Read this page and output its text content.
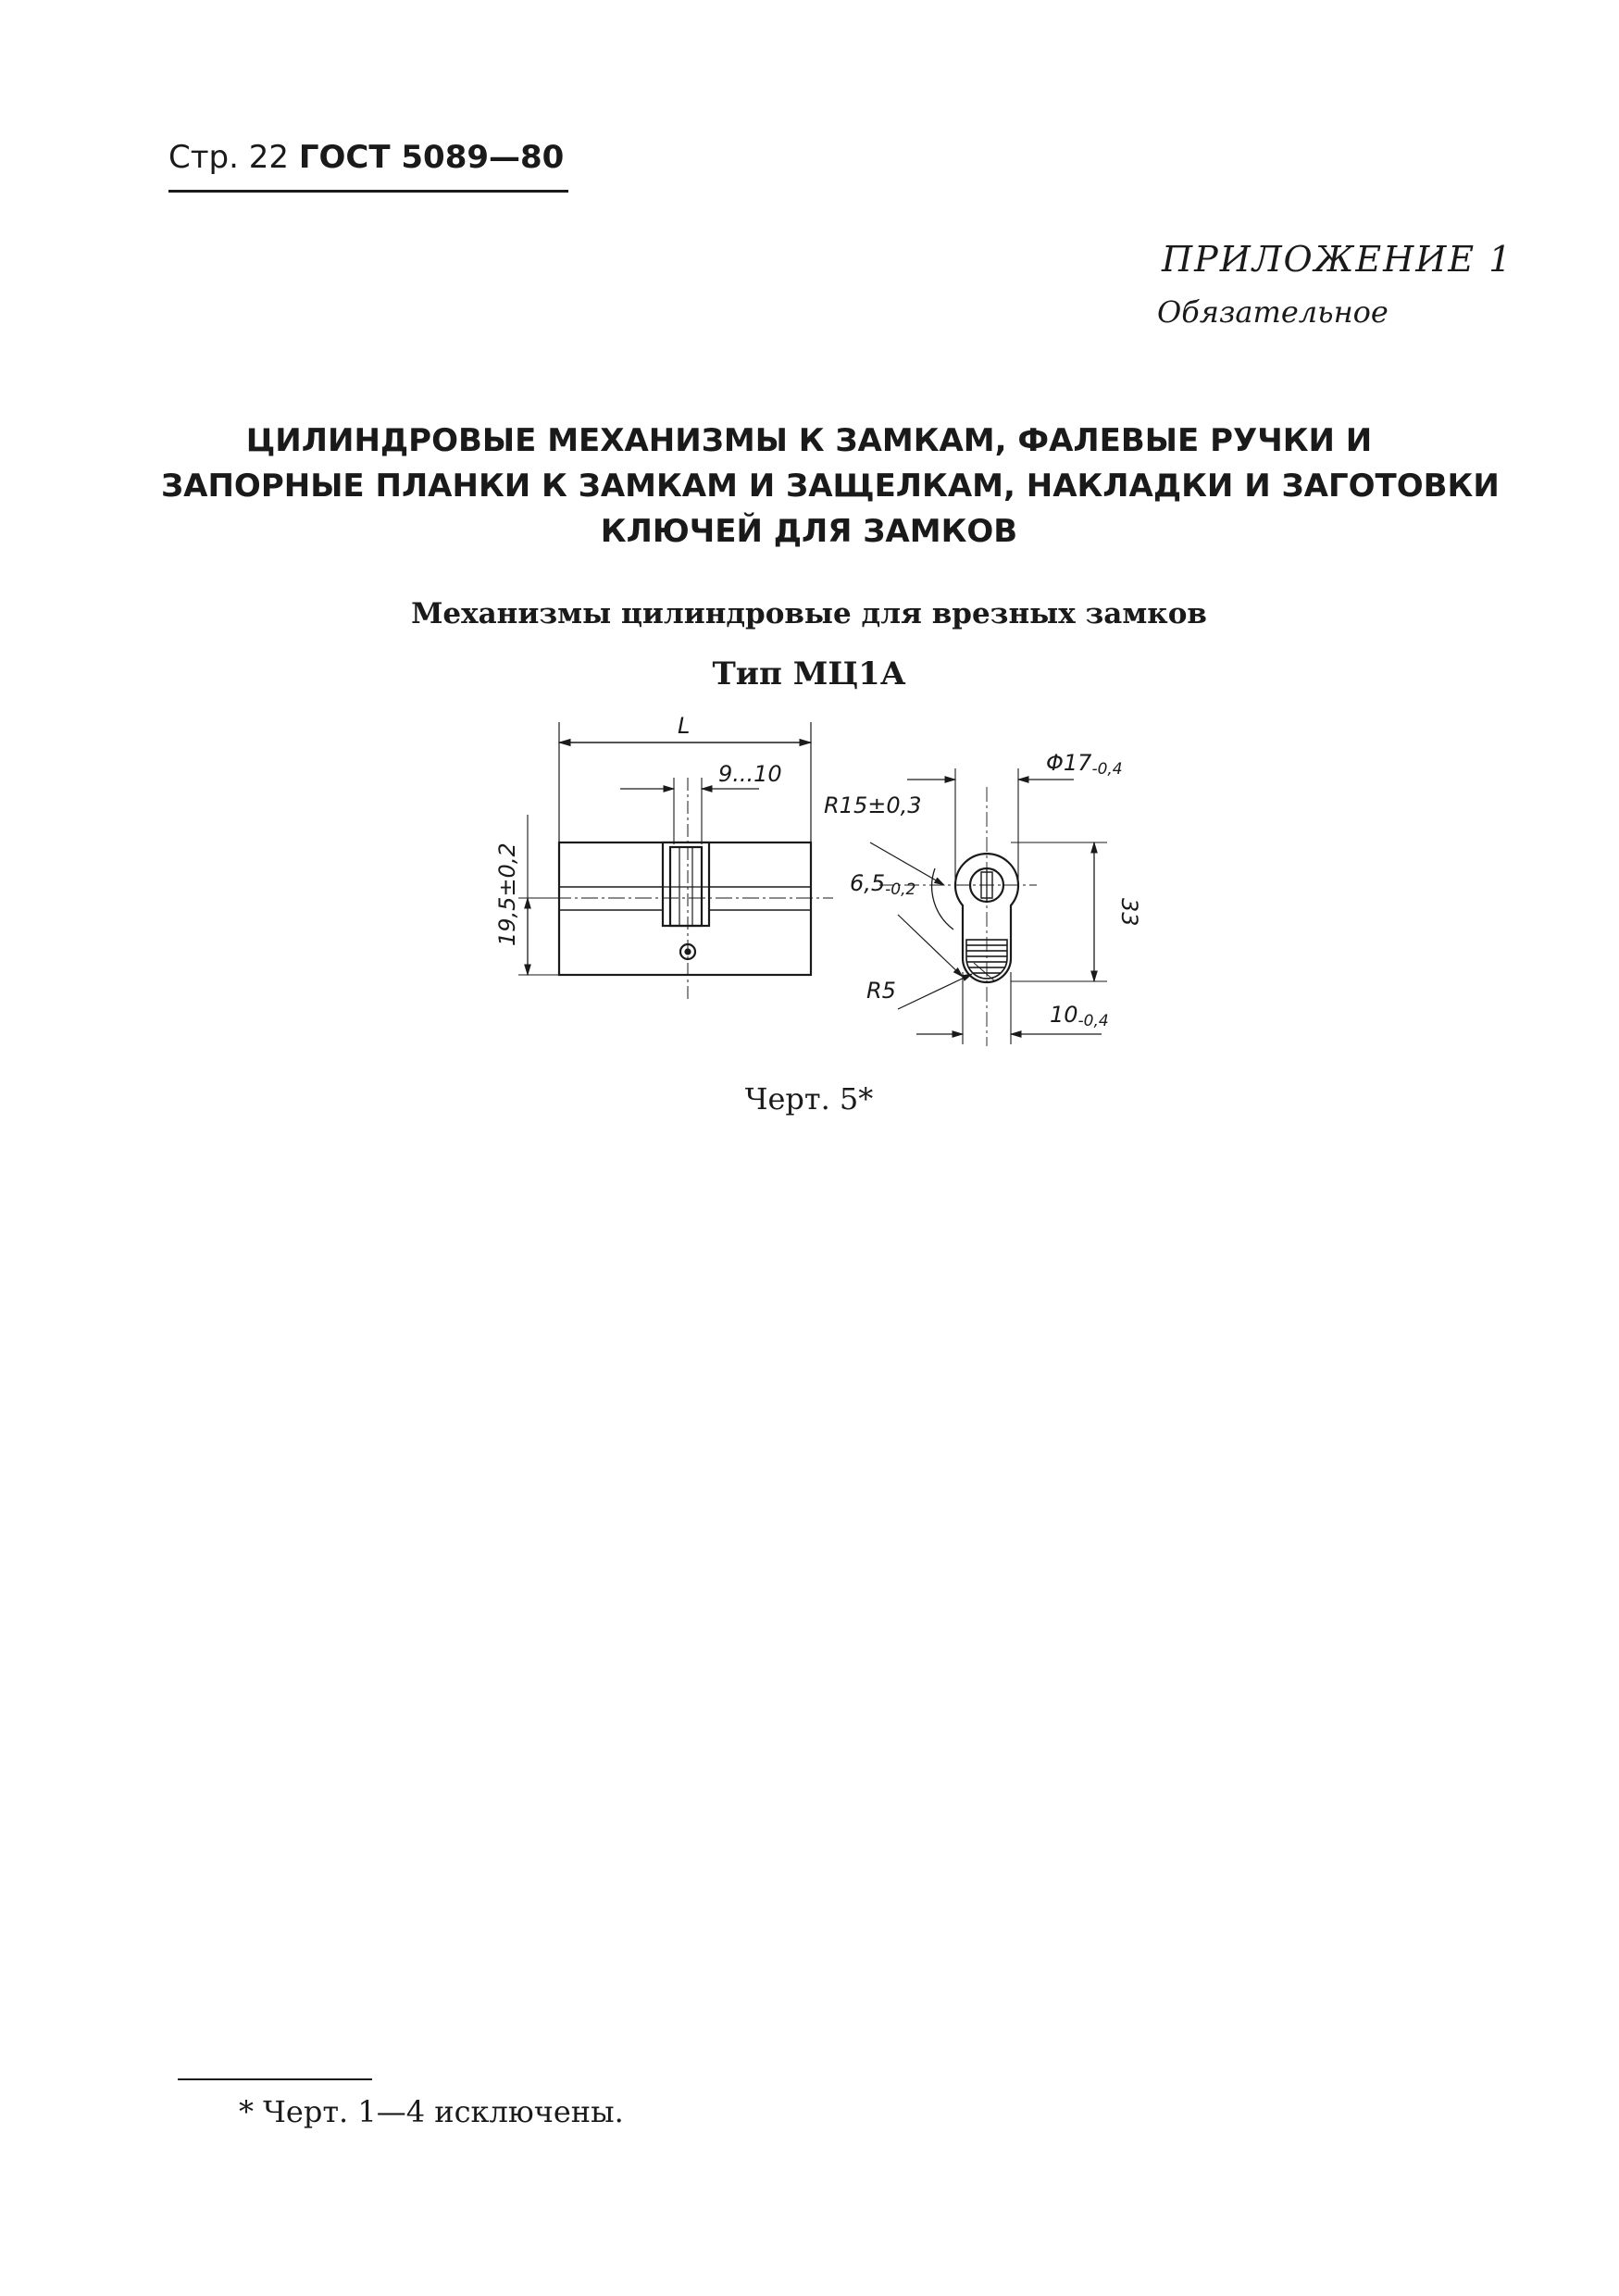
Стр. 22 ГОСТ 5089—80
ПРИЛОЖЕНИЕ 1
Обязательное
ЦИЛИНДРОВЫЕ МЕХАНИЗМЫ К ЗАМКАМ, ФАЛЕВЫЕ РУЧКИ И
ЗАПОРНЫЕ ПЛАНКИ К ЗАМКАМ И ЗАЩЕЛКАМ, НАКЛАДКИ И ЗАГОТОВКИ
КЛЮЧЕЙ ДЛЯ ЗАМКОВ
Механизмы цилиндровые для врезных замков
Тип МЦ1А
L
9...10
19,5±0,2
R15±0,3
Φ17-0,4
6,5-0,2
33
R5
10-0,4
Черт. 5*
* Черт. 1—4 исключены.
